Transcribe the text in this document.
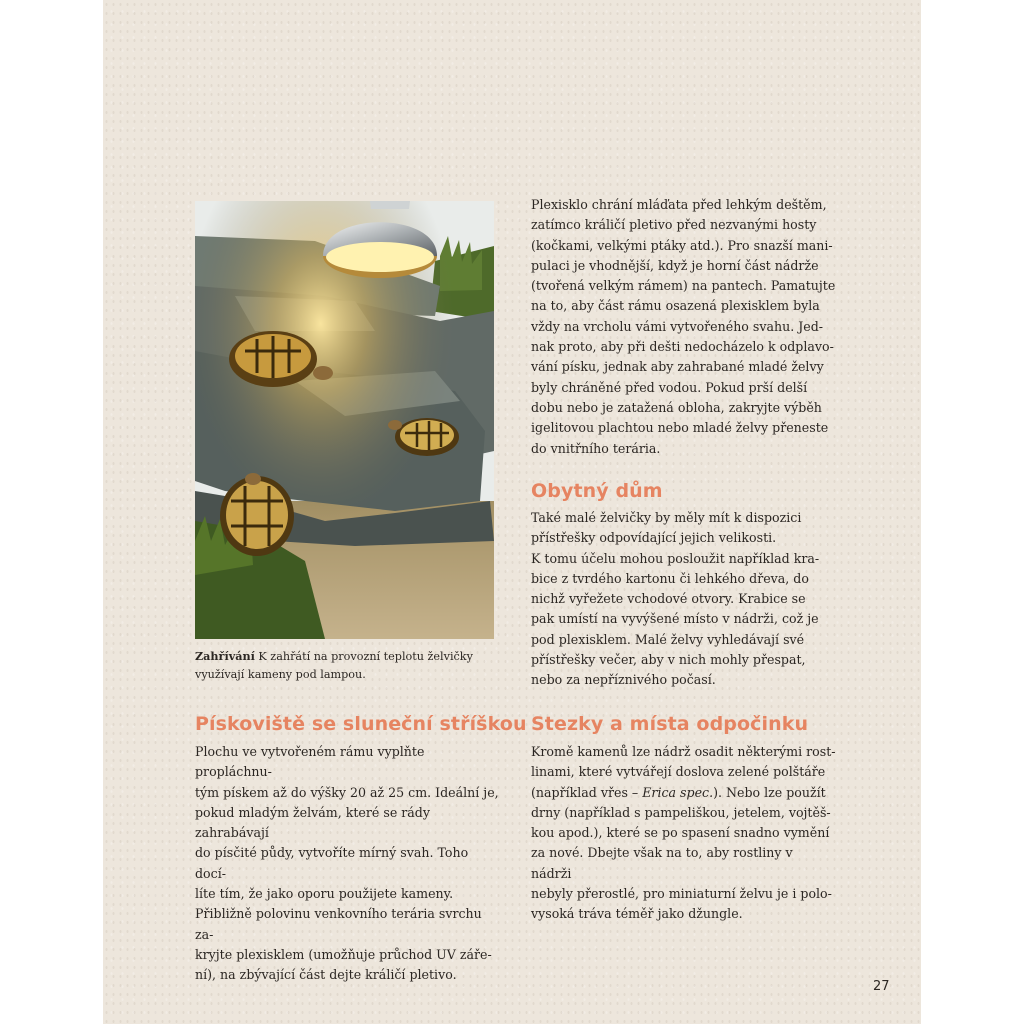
Zahřívání K zahřátí na provozní teplotu želvičky využívají kameny pod lampou.
Pískoviště se sluneční stříškou
Plochu ve vytvořeném rámu vyplňte propláchnu-
tým pískem až do výšky 20 až 25 cm. Ideální je,
pokud mladým želvám, které se rády zahrabávají
do písčité půdy, vytvoříte mírný svah. Toho docí-
líte tím, že jako oporu použijete kameny.
Přibližně polovinu venkovního terária svrchu za-
kryjte plexisklem (umožňuje průchod UV záře-
ní), na zbývající část dejte králičí pletivo.
Plexisklo chrání mláďata před lehkým deštěm,
zatímco králičí pletivo před nezvanými hosty
(kočkami, velkými ptáky atd.). Pro snazší mani-
pulaci je vhodnější, když je horní část nádrže
(tvořená velkým rámem) na pantech. Pamatujte
na to, aby část rámu osazená plexisklem byla
vždy na vrcholu vámi vytvořeného svahu. Jed-
nak proto, aby při dešti nedocházelo k odplavo-
vání písku, jednak aby zahrabané mladé želvy
byly chráněné před vodou. Pokud prší delší
dobu nebo je zatažená obloha, zakryjte výběh
igelitovou plachtou nebo mladé želvy přeneste
do vnitřního terária.
Obytný dům
Také malé želvičky by měly mít k dispozici
přístřešky odpovídající jejich velikosti.
K tomu účelu mohou posloužit například kra-
bice z tvrdého kartonu či lehkého dřeva, do
nichž vyřežete vchodové otvory. Krabice se
pak umístí na vyvýšené místo v nádrži, což je
pod plexisklem. Malé želvy vyhledávají své
přístřešky večer, aby v nich mohly přespat,
nebo za nepříznivého počasí.
Stezky a místa odpočinku
Kromě kamenů lze nádrž osadit některými rost-
linami, které vytvářejí doslova zelené polštáře
(například vřes – Erica spec.). Nebo lze použít
drny (například s pampeliškou, jetelem, vojtěš-
kou apod.), které se po spasení snadno vymění
za nové. Dbejte však na to, aby rostliny v nádrži
nebyly přerostlé, pro miniaturní želvu je i polo-
vysoká tráva téměř jako džungle.
27
